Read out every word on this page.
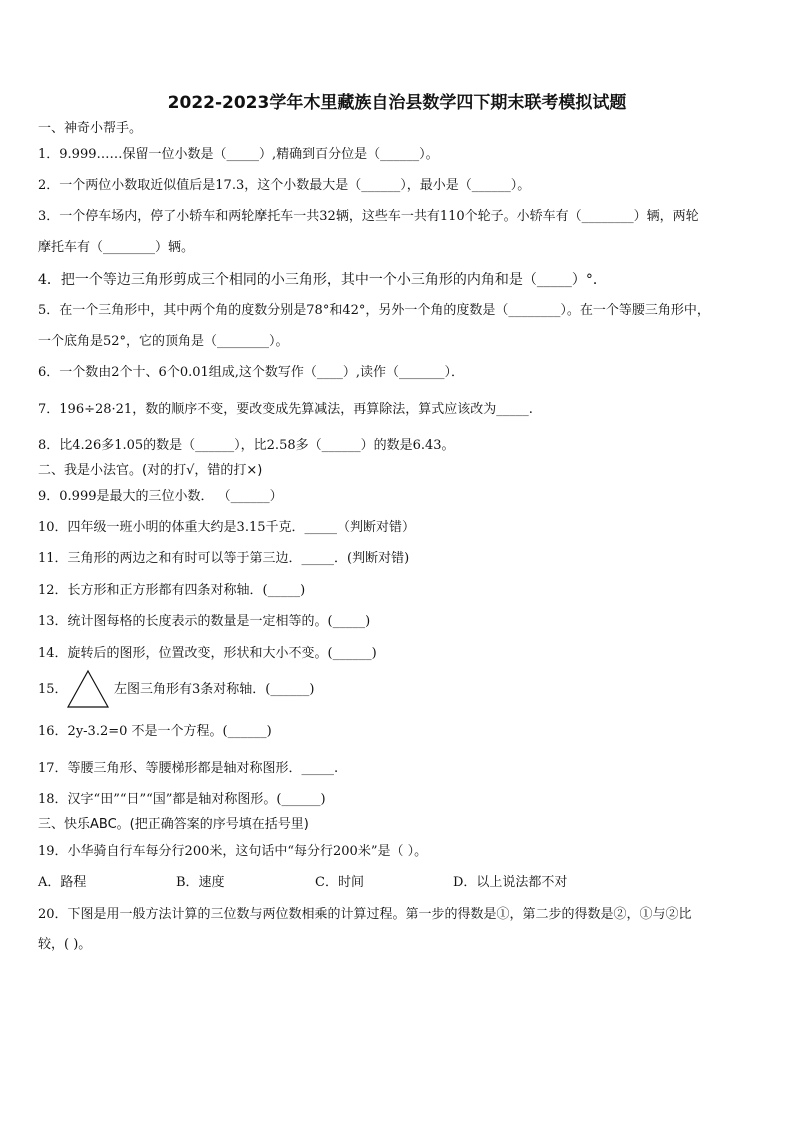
2022-2023学年木里藏族自治县数学四下期末联考模拟试题
一、神奇小帮手。
1．9.999……保留一位小数是（_____）,精确到百分位是（______）。
2．一个两位小数取近似值后是17.3，这个小数最大是（______），最小是（______）。
3．一个停车场内，停了小轿车和两轮摩托车一共32辆，这些车一共有110个轮子。小轿车有（________）辆，两轮
摩托车有（________）辆。
4．把一个等边三角形剪成三个相同的小三角形，其中一个小三角形的内角和是（_____）°．
5．在一个三角形中，其中两个角的度数分别是78°和42°，另外一个角的度数是（________）。在一个等腰三角形中，
一个底角是52°，它的顶角是（________）。
6．一个数由2个十、6个0.01组成,这个数写作（____）,读作（_______）．
7．196÷28·21，数的顺序不变，要改变成先算减法，再算除法，算式应该改为_____.
8．比4.26多1.05的数是（______），比2.58多（______）的数是6.43。
二、我是小法官。(对的打√，错的打×)
9．0.999是最大的三位小数． （______）
10．四年级一班小明的体重大约是3.15千克．_____（判断对错）
11．三角形的两边之和有时可以等于第三边．_____．(判断对错)
12．长方形和正方形都有四条对称轴．(_____)
13．统计图每格的长度表示的数量是一定相等的。(_____)
14．旋转后的图形，位置改变，形状和大小不变。(______)
15．	左图三角形有3条对称轴．(______)
16．2y-3.2=0 不是一个方程。(______)
17．等腰三角形、等腰梯形都是轴对称图形．_____.
18．汉字“田”“日”“国”都是轴对称图形。(______)
三、快乐ABC。(把正确答案的序号填在括号里)
19．小华骑自行车每分行200米，这句话中“每分行200米”是（ ）。
A．路程	B．速度	C．时间	D．以上说法都不对
20．下图是用一般方法计算的三位数与两位数相乘的计算过程。第一步的得数是①，第二步的得数是②，①与②比
较，( )。
